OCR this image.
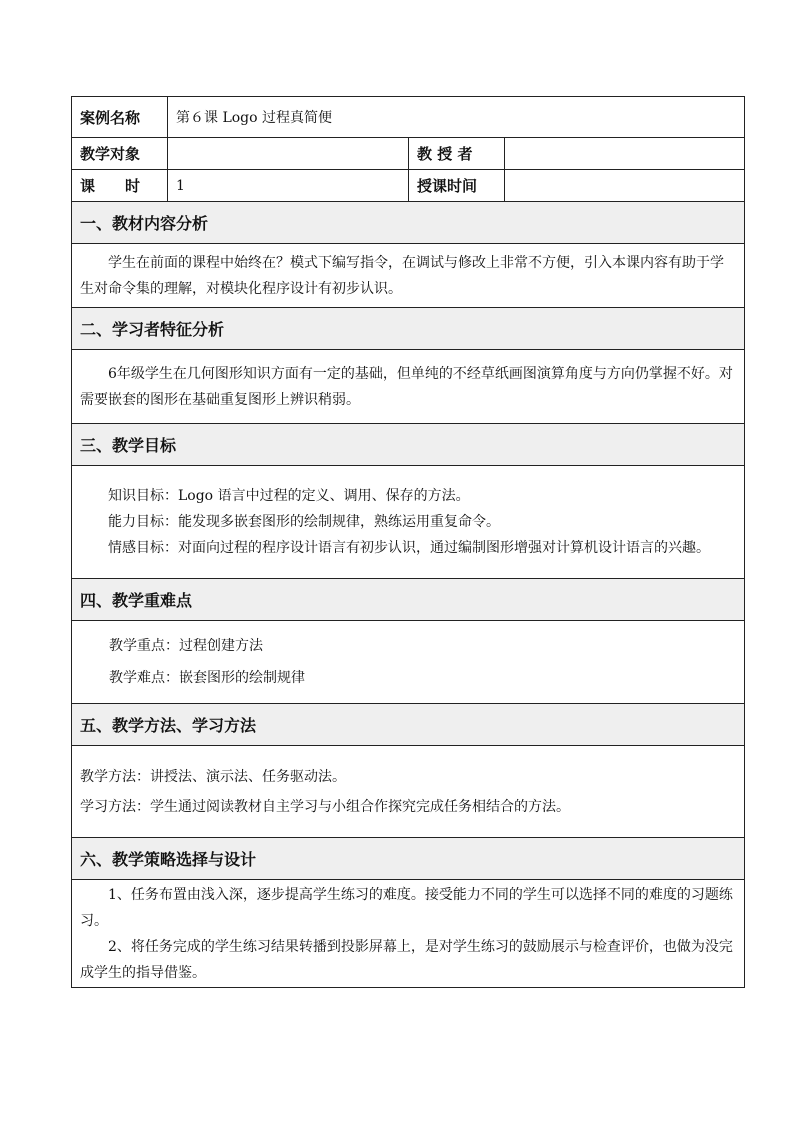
案例名称	第６课 Logo 过程真简便		
教学对象		教 授 者	
课　　时	1	授课时间	
一、教材内容分析			

学生在前面的课程中始终在？模式下编写指令，在调试与修改上非常不方便，引入本课内容有助于学生对命令集的理解，对模块化程序设计有初步认识。			

二、学习者特征分析			

6年级学生在几何图形知识方面有一定的基础，但单纯的不经草纸画图演算角度与方向仍掌握不好。对需要嵌套的图形在基础重复图形上辨识稍弱。			

三、教学目标			

知识目标：Logo 语言中过程的定义、调用、保存的方法。

能力目标：能发现多嵌套图形的绘制规律，熟练运用重复命令。

情感目标：对面向过程的程序设计语言有初步认识，通过编制图形增强对计算机设计语言的兴趣。			

四、教学重难点			

教学重点：过程创建方法

教学难点：嵌套图形的绘制规律			

五、教学方法、学习方法			

教学方法：讲授法、演示法、任务驱动法。

学习方法：学生通过阅读教材自主学习与小组合作探究完成任务相结合的方法。			

六、教学策略选择与设计			

1、任务布置由浅入深，逐步提高学生练习的难度。接受能力不同的学生可以选择不同的难度的习题练习。

2、将任务完成的学生练习结果转播到投影屏幕上，是对学生练习的鼓励展示与检查评价，也做为没完成学生的指导借鉴。			
